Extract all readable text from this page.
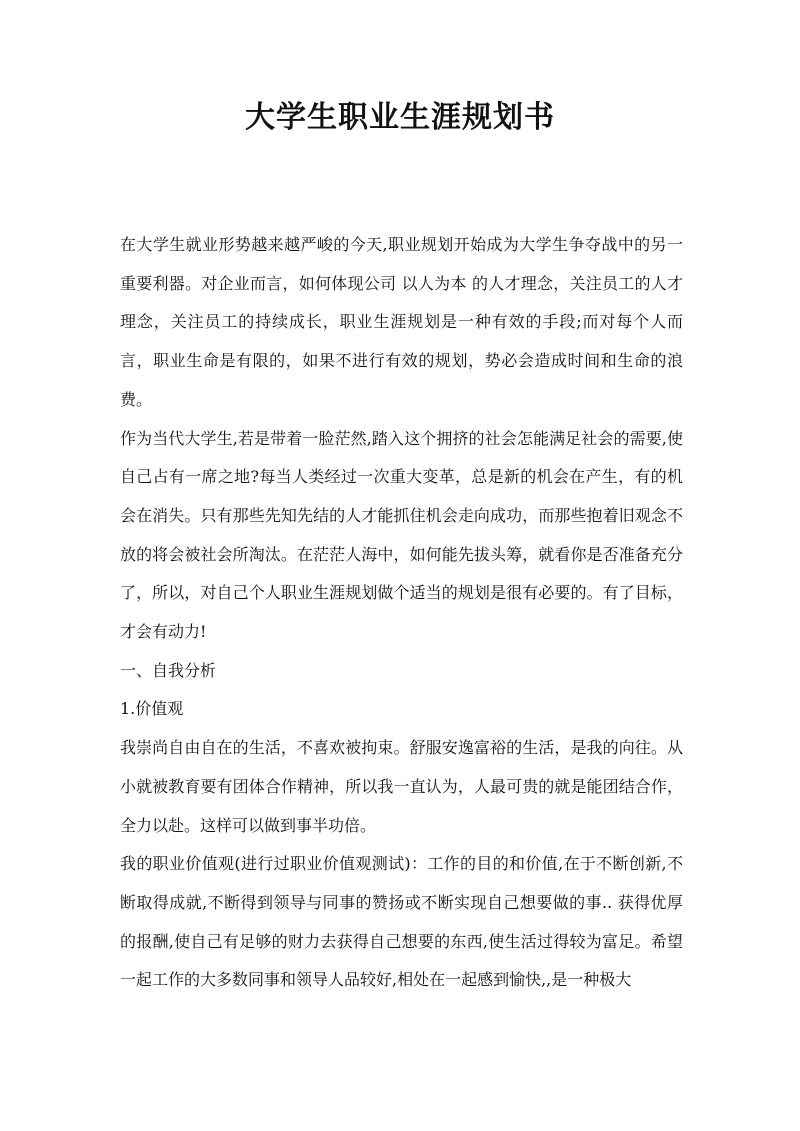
大学生职业生涯规划书

在大学生就业形势越来越严峻的今天,职业规划开始成为大学生争夺战中的另一重要利器。对企业而言，如何体现公司 以人为本 的人才理念，关注员工的人才理念，关注员工的持续成长，职业生涯规划是一种有效的手段;而对每个人而言，职业生命是有限的，如果不进行有效的规划，势必会造成时间和生命的浪费。

作为当代大学生,若是带着一脸茫然,踏入这个拥挤的社会怎能满足社会的需要,使自己占有一席之地?每当人类经过一次重大变革，总是新的机会在产生，有的机会在消失。只有那些先知先结的人才能抓住机会走向成功，而那些抱着旧观念不放的将会被社会所淘汰。在茫茫人海中，如何能先拔头筹，就看你是否准备充分了，所以，对自己个人职业生涯规划做个适当的规划是很有必要的。有了目标，才会有动力!

一、自我分析

1.价值观

我崇尚自由自在的生活，不喜欢被拘束。舒服安逸富裕的生活，是我的向往。从小就被教育要有团体合作精神，所以我一直认为，人最可贵的就是能团结合作，全力以赴。这样可以做到事半功倍。

我的职业价值观(进行过职业价值观测试)：工作的目的和价值,在于不断创新,不断取得成就,不断得到领导与同事的赞扬或不断实现自己想要做的事.. 获得优厚的报酬,使自己有足够的财力去获得自己想要的东西,使生活过得较为富足。希望一起工作的大多数同事和领导人品较好,相处在一起感到愉快,,是一种极大
